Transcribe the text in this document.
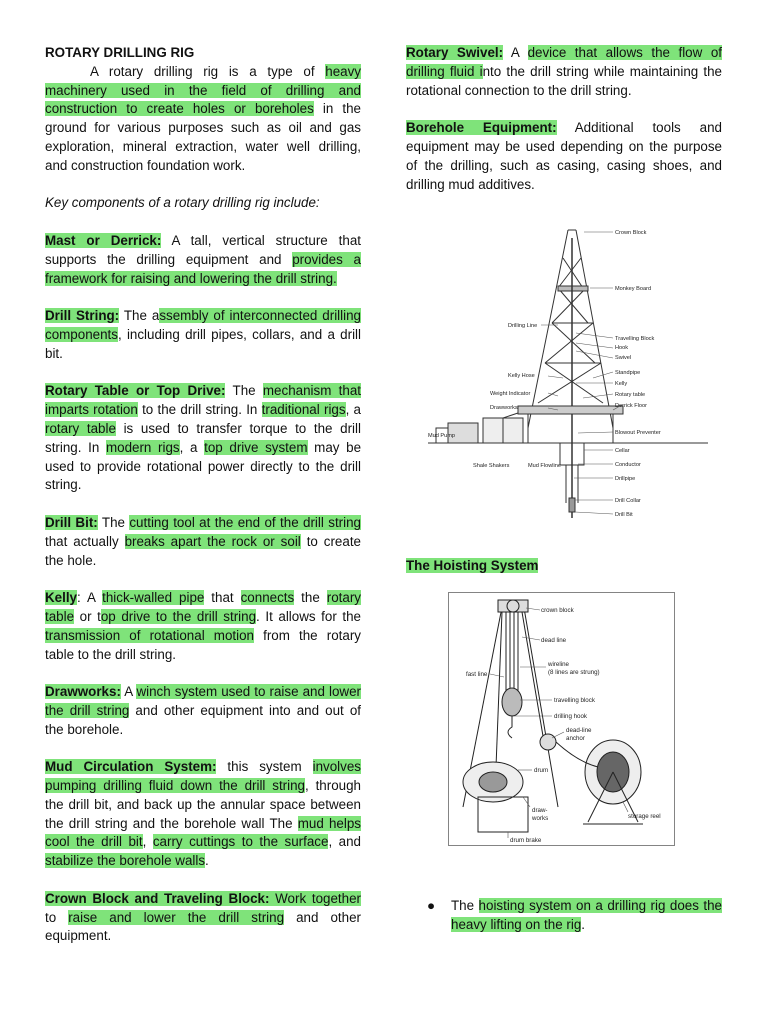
ROTARY DRILLING RIG

A rotary drilling rig is a type of heavy machinery used in the field of drilling and construction to create holes or boreholes in the ground for various purposes such as oil and gas exploration, mineral extraction, water well drilling, and construction foundation work.

Key components of a rotary drilling rig include:

Mast or Derrick: A tall, vertical structure that supports the drilling equipment and provides a framework for raising and lowering the drill string.

Drill String: The assembly of interconnected drilling components, including drill pipes, collars, and a drill bit.

Rotary Table or Top Drive: The mechanism that imparts rotation to the drill string. In traditional rigs, a rotary table is used to transfer torque to the drill string. In modern rigs, a top drive system may be used to provide rotational power directly to the drill string.

Drill Bit: The cutting tool at the end of the drill string that actually breaks apart the rock or soil to create the hole.

Kelly: A thick-walled pipe that connects the rotary table or top drive to the drill string. It allows for the transmission of rotational motion from the rotary table to the drill string.

Drawworks: A winch system used to raise and lower the drill string and other equipment into and out of the borehole.

Mud Circulation System: this system involves pumping drilling fluid down the drill string, through the drill bit, and back up the annular space between the drill string and the borehole wall The mud helps cool the drill bit, carry cuttings to the surface, and stabilize the borehole walls.

Crown Block and Traveling Block: Work together to raise and lower the drill string and other equipment.

Rotary Swivel: A device that allows the flow of drilling fluid into the drill string while maintaining the rotational connection to the drill string.

Borehole Equipment: Additional tools and equipment may be used depending on the purpose of the drilling, such as casing, casing shoes, and drilling mud additives.

Crown Block
Monkey Board
Drilling Line
Travelling Block
Hook
Swivel
Kelly Hose	Standpipe
Kelly
Weight Indicator	Rotary table
Drawworks	Derrick Floor
Mud Pump	Blowout Preventer
Cellar
Shale Shakers	Mud Flowline	Conductor
Drillpipe
Drill Collar
Drill Bit
The Hoisting System
crown block
dead line
fast line
wireline
(8 lines are strung)
travelling block
drilling hook
dead-line
anchor
drum
draw-
works	storage reel
drum brake
●	The hoisting system on a drilling rig does the heavy lifting on the rig.
